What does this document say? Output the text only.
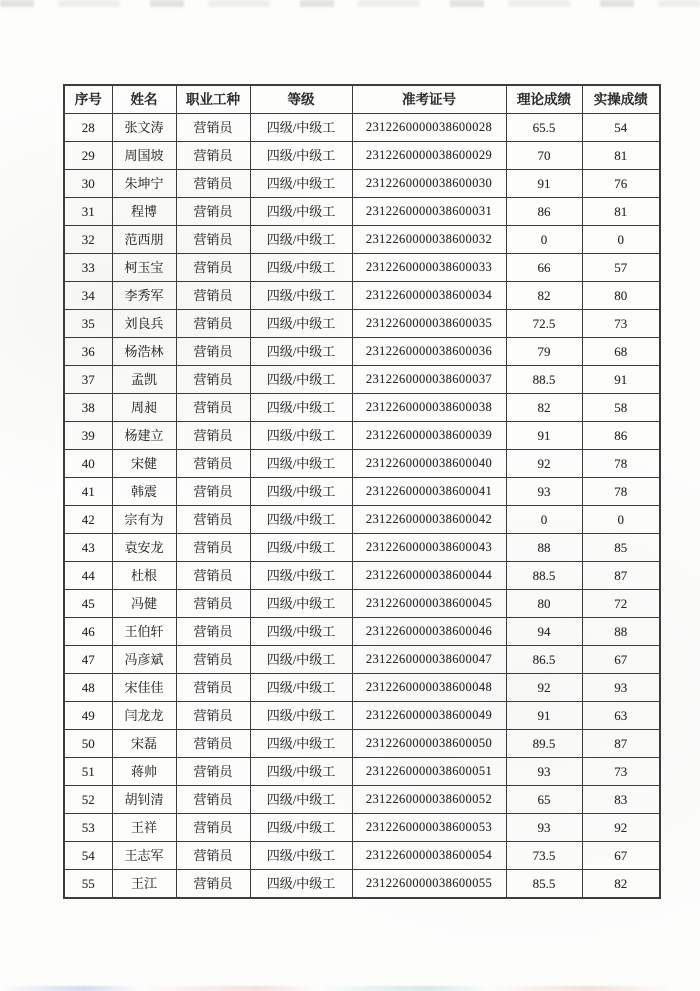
序号	姓名	职业工种	等级	准考证号	理论成绩	实操成绩
28	张文涛	营销员	四级/中级工	2312260000038600028	65.5	54
29	周国坡	营销员	四级/中级工	2312260000038600029	70	81
30	朱坤宁	营销员	四级/中级工	2312260000038600030	91	76
31	程博	营销员	四级/中级工	2312260000038600031	86	81
32	范西朋	营销员	四级/中级工	2312260000038600032	0	0
33	柯玉宝	营销员	四级/中级工	2312260000038600033	66	57
34	李秀军	营销员	四级/中级工	2312260000038600034	82	80
35	刘良兵	营销员	四级/中级工	2312260000038600035	72.5	73
36	杨浩林	营销员	四级/中级工	2312260000038600036	79	68
37	孟凯	营销员	四级/中级工	2312260000038600037	88.5	91
38	周昶	营销员	四级/中级工	2312260000038600038	82	58
39	杨建立	营销员	四级/中级工	2312260000038600039	91	86
40	宋健	营销员	四级/中级工	2312260000038600040	92	78
41	韩震	营销员	四级/中级工	2312260000038600041	93	78
42	宗有为	营销员	四级/中级工	2312260000038600042	0	0
43	袁安龙	营销员	四级/中级工	2312260000038600043	88	85
44	杜根	营销员	四级/中级工	2312260000038600044	88.5	87
45	冯健	营销员	四级/中级工	2312260000038600045	80	72
46	王伯轩	营销员	四级/中级工	2312260000038600046	94	88
47	冯彦斌	营销员	四级/中级工	2312260000038600047	86.5	67
48	宋佳佳	营销员	四级/中级工	2312260000038600048	92	93
49	闫龙龙	营销员	四级/中级工	2312260000038600049	91	63
50	宋磊	营销员	四级/中级工	2312260000038600050	89.5	87
51	蒋帅	营销员	四级/中级工	2312260000038600051	93	73
52	胡钊清	营销员	四级/中级工	2312260000038600052	65	83
53	王祥	营销员	四级/中级工	2312260000038600053	93	92
54	王志军	营销员	四级/中级工	2312260000038600054	73.5	67
55	王江	营销员	四级/中级工	2312260000038600055	85.5	82
